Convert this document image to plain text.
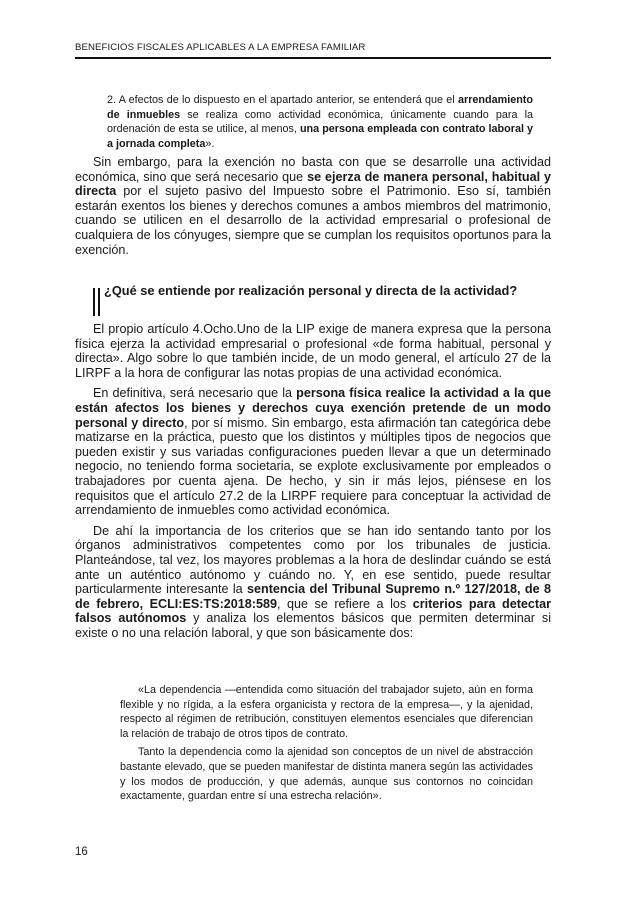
BENEFICIOS FISCALES APLICABLES A LA EMPRESA FAMILIAR

2. A efectos de lo dispuesto en el apartado anterior, se entenderá que el arrendamiento de inmuebles se realiza como actividad económica, únicamente cuando para la ordenación de esta se utilice, al menos, una persona empleada con contrato laboral y a jornada completa».

Sin embargo, para la exención no basta con que se desarrolle una actividad económica, sino que será necesario que se ejerza de manera personal, habitual y directa por el sujeto pasivo del Impuesto sobre el Patrimonio. Eso sí, también estarán exentos los bienes y derechos comunes a ambos miembros del matrimonio, cuando se utilicen en el desarrollo de la actividad empresarial o profesional de cualquiera de los cónyuges, siempre que se cumplan los requisitos oportunos para la exención.

¿Qué se entiende por realización personal y directa de la actividad?

El propio artículo 4.Ocho.Uno de la LIP exige de manera expresa que la persona física ejerza la actividad empresarial o profesional «de forma habitual, personal y directa». Algo sobre lo que también incide, de un modo general, el artículo 27 de la LIRPF a la hora de configurar las notas propias de una actividad económica.

En definitiva, será necesario que la persona física realice la actividad a la que están afectos los bienes y derechos cuya exención pretende de un modo personal y directo, por sí mismo. Sin embargo, esta afirmación tan categórica debe matizarse en la práctica, puesto que los distintos y múltiples tipos de negocios que pueden existir y sus variadas configuraciones pueden llevar a que un determinado negocio, no teniendo forma societaria, se explote exclusivamente por empleados o trabajadores por cuenta ajena. De hecho, y sin ir más lejos, piénsese en los requisitos que el artículo 27.2 de la LIRPF requiere para conceptuar la actividad de arrendamiento de inmuebles como actividad económica.

De ahí la importancia de los criterios que se han ido sentando tanto por los órganos administrativos competentes como por los tribunales de justicia. Planteándose, tal vez, los mayores problemas a la hora de deslindar cuándo se está ante un auténtico autónomo y cuándo no. Y, en ese sentido, puede resultar particularmente interesante la sentencia del Tribunal Supremo n.º 127/2018, de 8 de febrero, ECLI:ES:TS:2018:589, que se refiere a los criterios para detectar falsos autónomos y analiza los elementos básicos que permiten determinar si existe o no una relación laboral, y que son básicamente dos:

«La dependencia —entendida como situación del trabajador sujeto, aún en forma flexible y no rígida, a la esfera organicista y rectora de la empresa—, y la ajenidad, respecto al régimen de retribución, constituyen elementos esenciales que diferencian la relación de trabajo de otros tipos de contrato.

Tanto la dependencia como la ajenidad son conceptos de un nivel de abstracción bastante elevado, que se pueden manifestar de distinta manera según las actividades y los modos de producción, y que además, aunque sus contornos no coincidan exactamente, guardan entre sí una estrecha relación».

16
